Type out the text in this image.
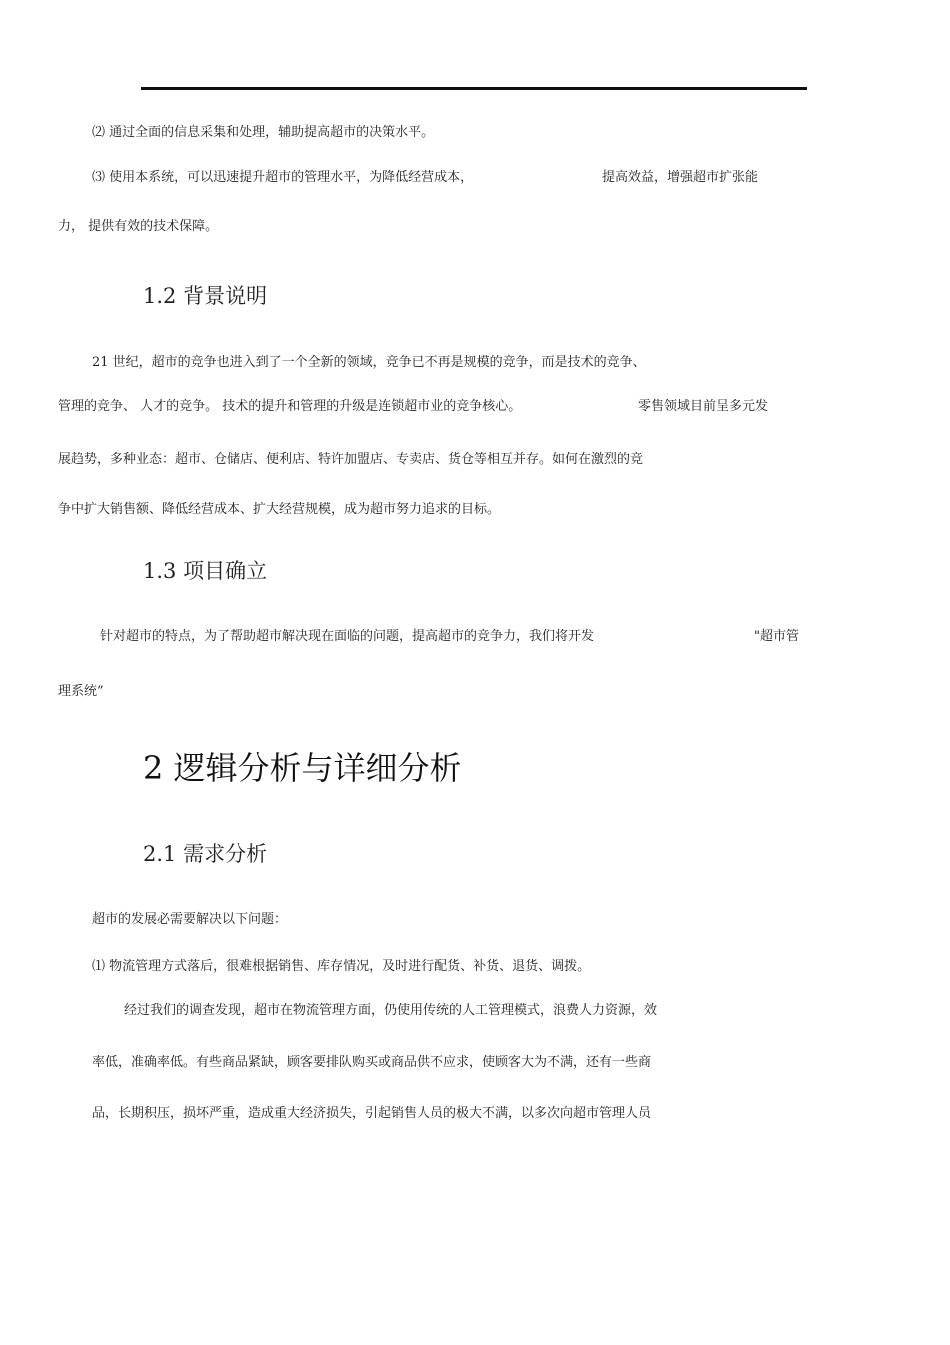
⑵ 通过全面的信息采集和处理，辅助提高超市的决策水平。
⑶ 使用本系统，可以迅速提升超市的管理水平，为降低经营成本，	提高效益，增强超市扩张能
力， 提供有效的技术保障。
1.2 背景说明
21 世纪，超市的竞争也进入到了一个全新的领域，竞争已不再是规模的竞争，而是技术的竞争、
管理的竞争、 人才的竞争。 技术的提升和管理的升级是连锁超市业的竞争核心。	零售领域目前呈多元发
展趋势，多种业态：超市、仓储店、便利店、特许加盟店、专卖店、货仓等相互并存。如何在激烈的竞
争中扩大销售额、降低经营成本、扩大经营规模，成为超市努力追求的目标。
1.3 项目确立
针对超市的特点，为了帮助超市解决现在面临的问题，提高超市的竞争力，我们将开发	"超市管
理系统”
2 逻辑分析与详细分析
2.1 需求分析
超市的发展必需要解决以下问题：
⑴ 物流管理方式落后，很难根据销售、库存情况，及时进行配货、补货、退货、调拨。
经过我们的调查发现，超市在物流管理方面，仍使用传统的人工管理模式，浪费人力资源，效
率低，准确率低。有些商品紧缺，顾客要排队购买或商品供不应求，使顾客大为不满，还有一些商
品，长期积压，损坏严重，造成重大经济损失，引起销售人员的极大不满，以多次向超市管理人员
